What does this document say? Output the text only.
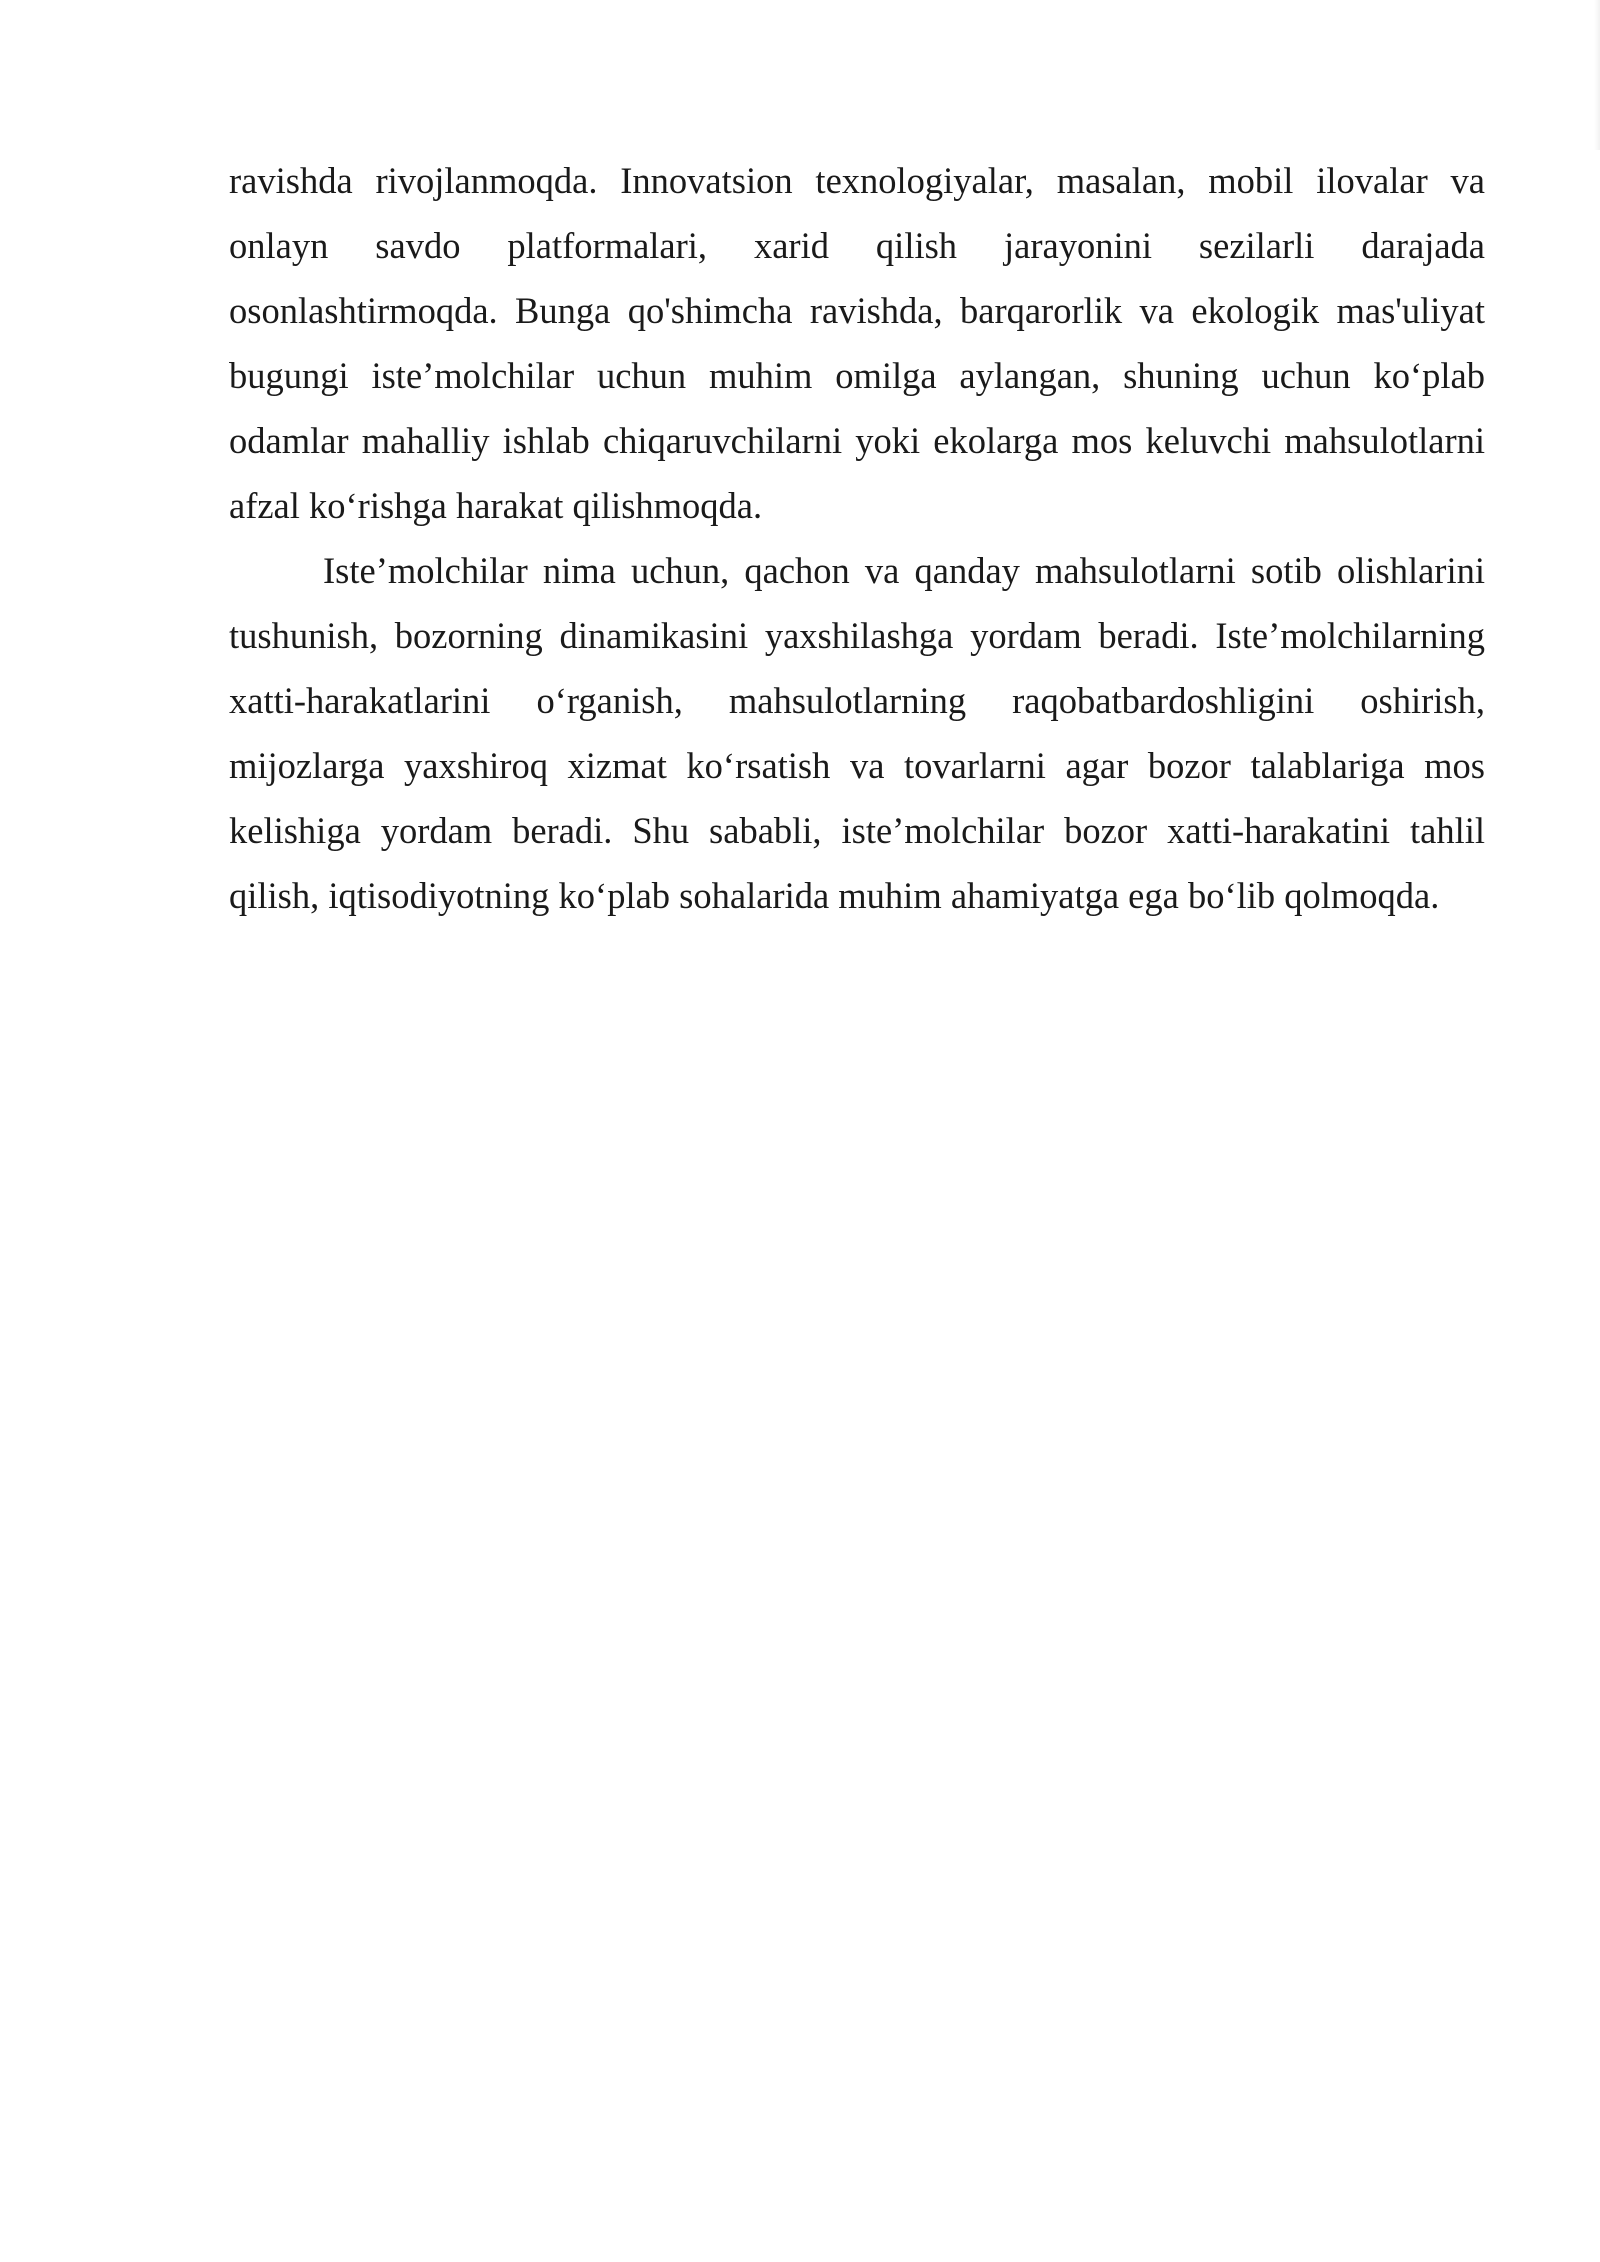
ravishda rivojlanmoqda. Innovatsion texnologiyalar, masalan, mobil ilovalar va onlayn savdo platformalari, xarid qilish jarayonini sezilarli darajada osonlashtirmoqda. Bunga qo'shimcha ravishda, barqarorlik va ekologik mas'uliyat bugungi iste’molchilar uchun muhim omilga aylangan, shuning uchun ko‘plab odamlar mahalliy ishlab chiqaruvchilarni yoki ekolarga mos keluvchi mahsulotlarni afzal ko‘rishga harakat qilishmoqda.

Iste’molchilar nima uchun, qachon va qanday mahsulotlarni sotib olishlarini tushunish, bozorning dinamikasini yaxshilashga yordam beradi. Iste’molchilarning xatti-harakatlarini o‘rganish, mahsulotlarning raqobatbardoshligini oshirish, mijozlarga yaxshiroq xizmat ko‘rsatish va tovarlarni agar bozor talablariga mos kelishiga yordam beradi. Shu sababli, iste’molchilar bozor xatti-harakatini tahlil qilish, iqtisodiyotning ko‘plab sohalarida muhim ahamiyatga ega bo‘lib qolmoqda.
